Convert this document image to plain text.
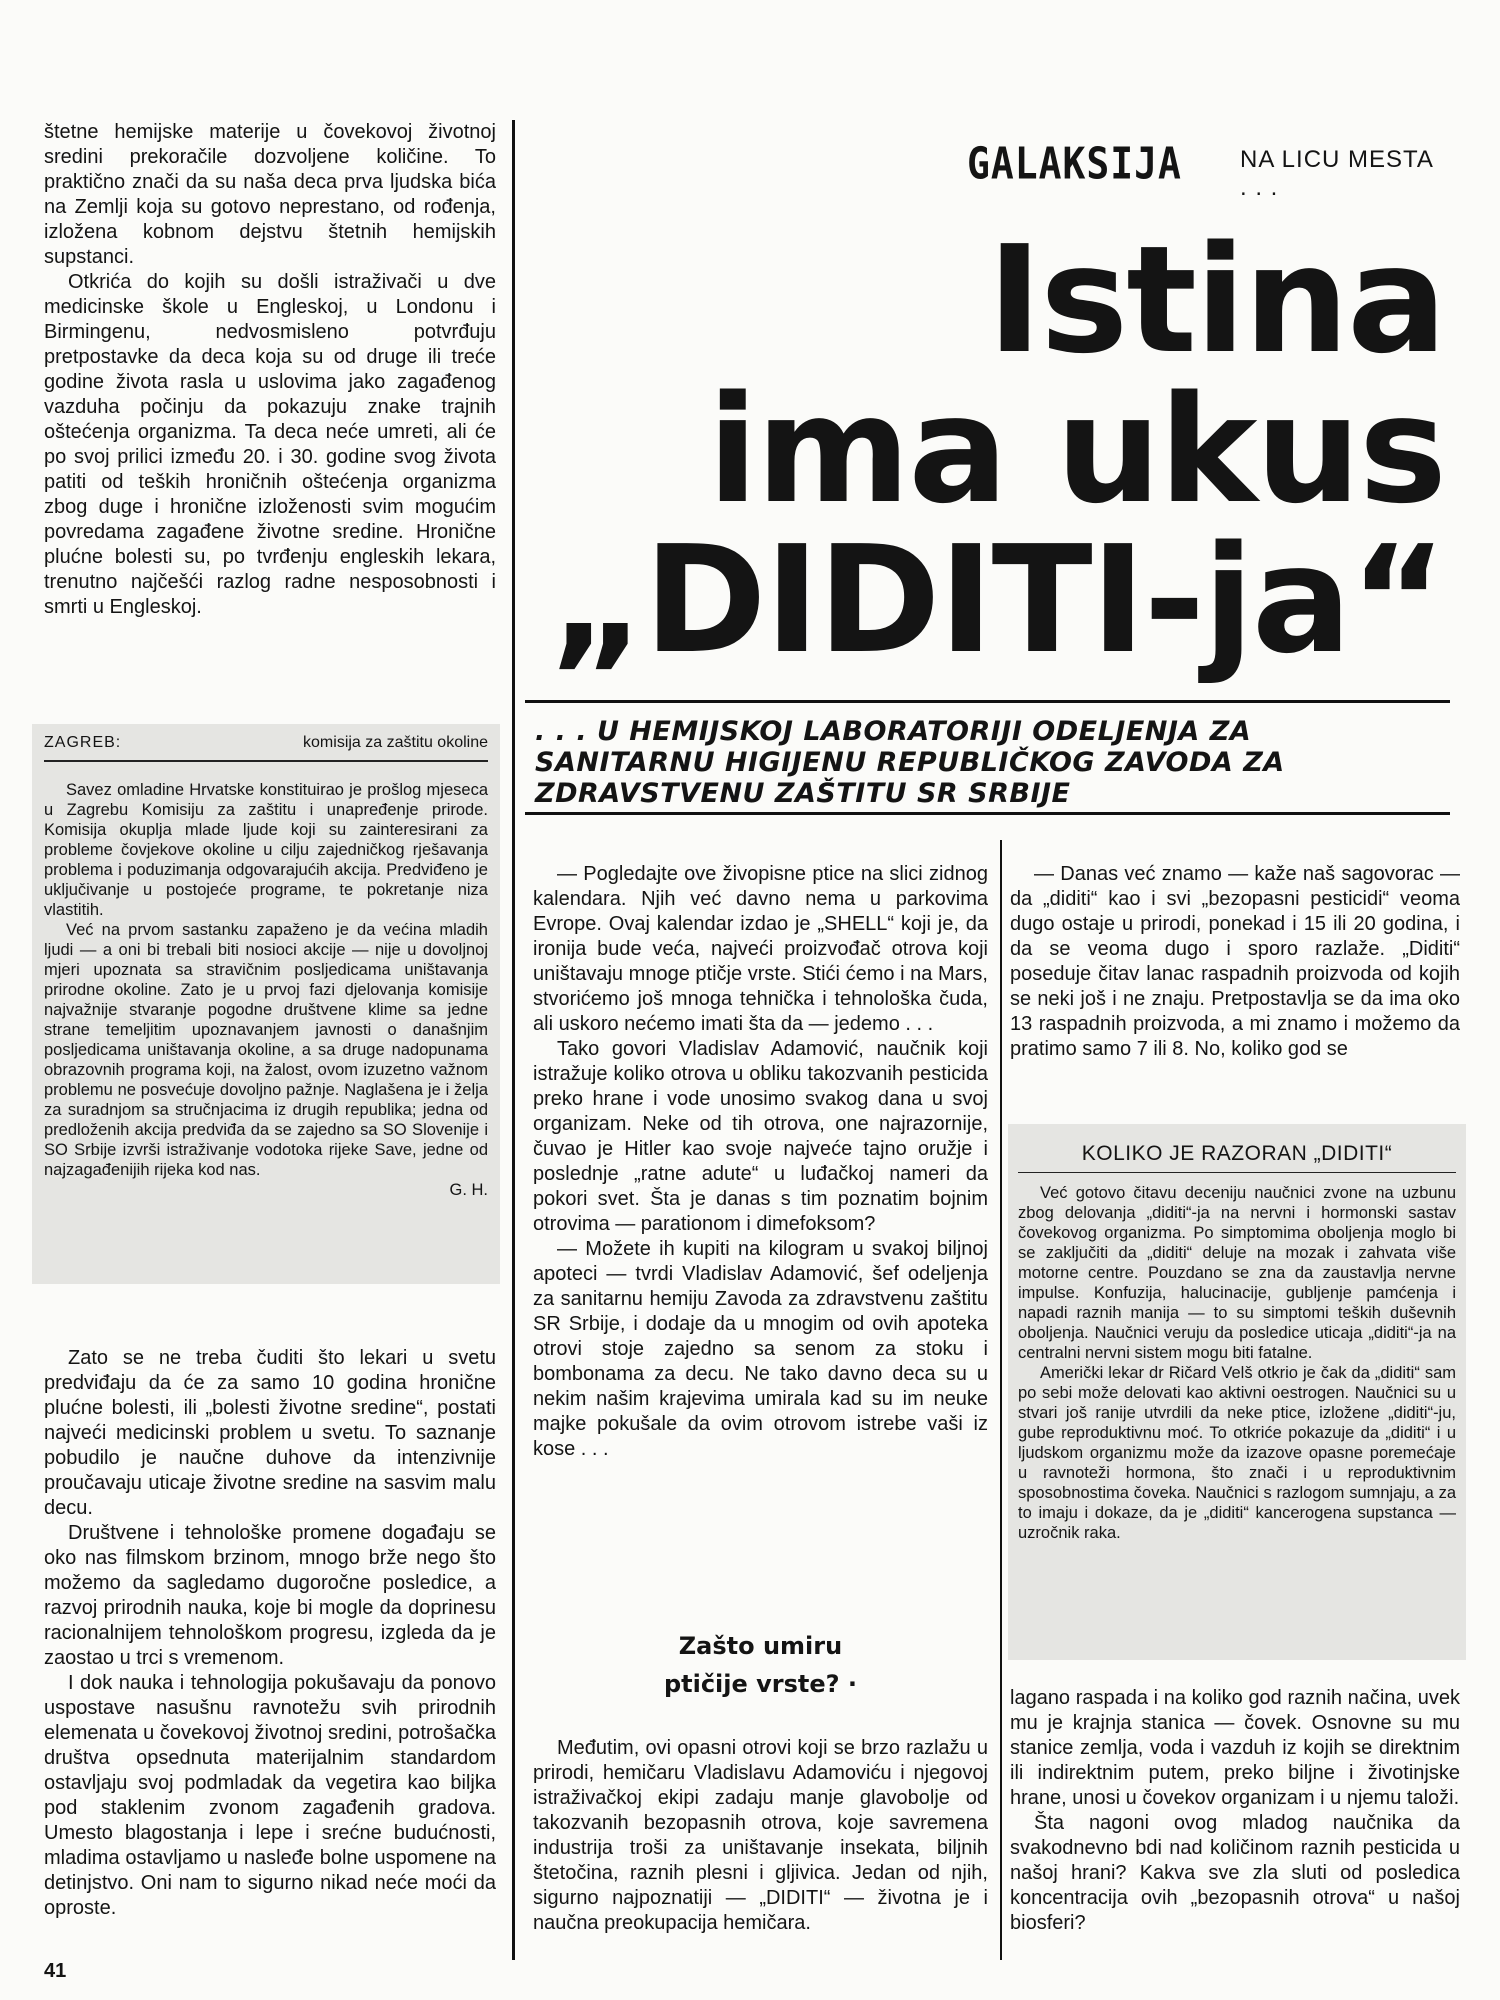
GALAKSIJA NA LICU MESTA . . .
Istina
ima ukus
„DIDITI-ja“
. . . U HEMIJSKOJ LABORATORIJI ODELJENJA ZA SANITARNU HIGIJENU REPUBLIČKOG ZAVODA ZA ZDRAVSTVENU ZAŠTITU SR SRBIJE

štetne hemijske materije u čovekovoj životnoj sredini prekoračile dozvoljene količine. To praktično znači da su naša deca prva ljudska bića na Zemlji koja su gotovo neprestano, od rođenja, izložena kobnom dejstvu štetnih hemijskih supstanci.

Otkrića do kojih su došli istraživači u dve medicinske škole u Engleskoj, u Londonu i Birmingenu, nedvosmisleno potvrđuju pretpostavke da deca koja su od druge ili treće godine života rasla u uslovima jako zagađenog vazduha počinju da pokazuju znake trajnih oštećenja organizma. Ta deca neće umreti, ali će po svoj prilici između 20. i 30. godine svog života patiti od teških hroničnih oštećenja organizma zbog duge i hronične izloženosti svim mogućim povredama zagađene životne sredine. Hronične plućne bolesti su, po tvrđenju engleskih lekara, trenutno najčešći razlog radne nesposobnosti i smrti u Engleskoj.

ZAGREB:	komisija za zaštitu okoline

Savez omladine Hrvatske konstituirao je prošlog mjeseca u Zagrebu Komisiju za zaštitu i unapređenje prirode. Komisija okuplja mlade ljude koji su zainteresirani za probleme čovjekove okoline u cilju zajedničkog rješavanja problema i poduzimanja odgovarajućih akcija. Predviđeno je uključivanje u postojeće programe, te pokretanje niza vlastitih.

Već na prvom sastanku zapaženo je da većina mladih ljudi — a oni bi trebali biti nosioci akcije — nije u dovoljnoj mjeri upoznata sa stravičnim posljedicama uništavanja prirodne okoline. Zato je u prvoj fazi djelovanja komisije najvažnije stvaranje pogodne društvene klime sa jedne strane temeljitim upoznavanjem javnosti o današnjim posljedicama uništavanja okoline, a sa druge nadopunama obrazovnih programa koji, na žalost, ovom izuzetno važnom problemu ne posvećuje dovoljno pažnje. Naglašena je i želja za suradnjom sa stručnjacima iz drugih republika; jedna od predloženih akcija predviđa da se zajedno sa SO Slovenije i SO Srbije izvrši istraživanje vodotoka rijeke Save, jedne od najzagađenijih rijeka kod nas.

G. H.

Zato se ne treba čuditi što lekari u svetu predviđaju da će za samo 10 godina hronične plućne bolesti, ili „bolesti životne sredine“, postati najveći medicinski problem u svetu. To saznanje pobudilo je naučne duhove da intenzivnije proučavaju uticaje životne sredine na sasvim malu decu.

Društvene i tehnološke promene događaju se oko nas filmskom brzinom, mnogo brže nego što možemo da sagledamo dugoročne posledice, a razvoj prirodnih nauka, koje bi mogle da doprinesu racionalnijem tehnološkom progresu, izgleda da je zaostao u trci s vremenom.

I dok nauka i tehnologija pokušavaju da ponovo uspostave nasušnu ravnotežu svih prirodnih elemenata u čovekovoj životnoj sredini, potrošačka društva opsednuta materijalnim standardom ostavljaju svoj podmladak da vegetira kao biljka pod staklenim zvonom zagađenih gradova. Umesto blagostanja i lepe i srećne budućnosti, mladima ostavljamo u nasleđe bolne uspomene na detinjstvo. Oni nam to sigurno nikad neće moći da oproste.

— Pogledajte ove živopisne ptice na slici zidnog kalendara. Njih već davno nema u parkovima Evrope. Ovaj kalendar izdao je „SHELL“ koji je, da ironija bude veća, najveći proizvođač otrova koji uništavaju mnoge ptičje vrste. Stići ćemo i na Mars, stvorićemo još mnoga tehnička i tehnološka čuda, ali uskoro nećemo imati šta da — jedemo . . .

Tako govori Vladislav Adamović, naučnik koji istražuje koliko otrova u obliku takozvanih pesticida preko hrane i vode unosimo svakog dana u svoj organizam. Neke od tih otrova, one najrazornije, čuvao je Hitler kao svoje najveće tajno oružje i poslednje „ratne adute“ u luđačkoj nameri da pokori svet. Šta je danas s tim poznatim bojnim otrovima — parationom i dimefoksom?

— Možete ih kupiti na kilogram u svakoj biljnoj apoteci — tvrdi Vladislav Adamović, šef odeljenja za sanitarnu hemiju Zavoda za zdravstvenu zaštitu SR Srbije, i dodaje da u mnogim od ovih apoteka otrovi stoje zajedno sa senom za stoku i bombonama za decu. Ne tako davno deca su u nekim našim krajevima umirala kad su im neuke majke pokušale da ovim otrovom istrebe vaši iz kose . . .

Zašto umiru
ptičije vrste? ·

Međutim, ovi opasni otrovi koji se brzo razlažu u prirodi, hemičaru Vladislavu Adamoviću i njegovoj istraživačkoj ekipi zadaju manje glavobolje od takozvanih bezopasnih otrova, koje savremena industrija troši za uništavanje insekata, biljnih štetočina, raznih plesni i gljivica. Jedan od njih, sigurno najpoznatiji — „DIDITI“ — životna je i naučna preokupacija hemičara.

— Danas već znamo — kaže naš sagovorac — da „diditi“ kao i svi „bezopasni pesticidi“ veoma dugo ostaje u prirodi, ponekad i 15 ili 20 godina, i da se veoma dugo i sporo razlaže. „Diditi“ poseduje čitav lanac raspadnih proizvoda od kojih se neki još i ne znaju. Pretpostavlja se da ima oko 13 raspadnih proizvoda, a mi znamo i možemo da pratimo samo 7 ili 8. No, koliko god se

KOLIKO JE RAZORAN „DIDITI“

Već gotovo čitavu deceniju naučnici zvone na uzbunu zbog delovanja „diditi“-ja na nervni i hormonski sastav čovekovog organizma. Po simptomima oboljenja moglo bi se zaključiti da „diditi“ deluje na mozak i zahvata više motorne centre. Pouzdano se zna da zaustavlja nervne impulse. Konfuzija, halucinacije, gubljenje pamćenja i napadi raznih manija — to su simptomi teških duševnih oboljenja. Naučnici veruju da posledice uticaja „diditi“-ja na centralni nervni sistem mogu biti fatalne.

Američki lekar dr Ričard Velš otkrio je čak da „diditi“ sam po sebi može delovati kao aktivni oestrogen. Naučnici su u stvari još ranije utvrdili da neke ptice, izložene „diditi“-ju, gube reproduktivnu moć. To otkriće pokazuje da „diditi“ i u ljudskom organizmu može da izazove opasne poremećaje u ravnoteži hormona, što znači i u reproduktivnim sposobnostima čoveka. Naučnici s razlogom sumnjaju, a za to imaju i dokaze, da je „diditi“ kancerogena supstanca — uzročnik raka.

lagano raspada i na koliko god raznih načina, uvek mu je krajnja stanica — čovek. Osnovne su mu stanice zemlja, voda i vazduh iz kojih se direktnim ili indirektnim putem, preko biljne i životinjske hrane, unosi u čovekov organizam i u njemu taloži.

Šta nagoni ovog mladog naučnika da svakodnevno bdi nad količinom raznih pesticida u našoj hrani? Kakva sve zla sluti od posledica koncentracija ovih „bezopasnih otrova“ u našoj biosferi?

41
